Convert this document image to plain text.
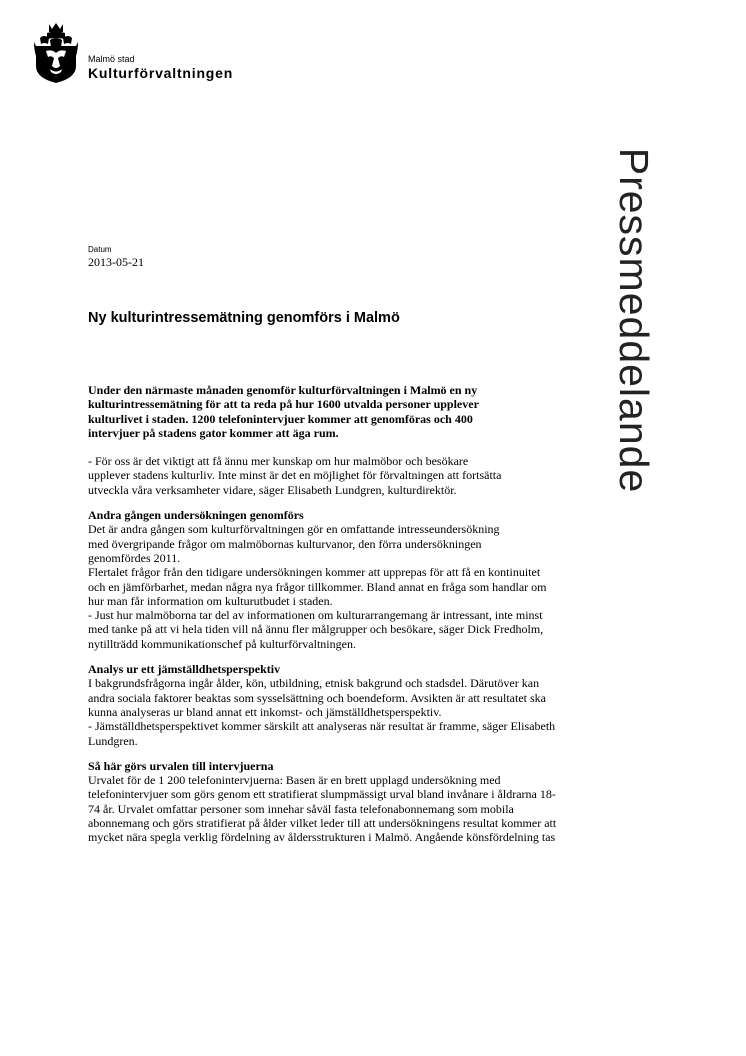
Malmö stad
Kulturförvaltningen
Pressmeddelande
Datum
2013-05-21
Ny kulturintressemätning genomförs i Malmö

Under den närmaste månaden genomför kulturförvaltningen i Malmö en ny
kulturintressemätning för att ta reda på hur 1600 utvalda personer upplever
kulturlivet i staden. 1200 telefonintervjuer kommer att genomföras och 400
intervjuer på stadens gator kommer att äga rum.

- För oss är det viktigt att få ännu mer kunskap om hur malmöbor och besökare
upplever stadens kulturliv. Inte minst är det en möjlighet för förvaltningen att fortsätta
utveckla våra verksamheter vidare, säger Elisabeth Lundgren, kulturdirektör.

Andra gången undersökningen genomförs

Det är andra gången som kulturförvaltningen gör en omfattande intresseundersökning
med övergripande frågor om malmöbornas kulturvanor, den förra undersökningen
genomfördes 2011.
Flertalet frågor från den tidigare undersökningen kommer att upprepas för att få en kontinuitet
och en jämförbarhet, medan några nya frågor tillkommer. Bland annat en fråga som handlar om
hur man får information om kulturutbudet i staden.
- Just hur malmöborna tar del av informationen om kulturarrangemang är intressant, inte minst
med tanke på att vi hela tiden vill nå ännu fler målgrupper och besökare, säger Dick Fredholm,
nytillträdd kommunikationschef på kulturförvaltningen.

Analys ur ett jämställdhetsperspektiv

I bakgrundsfrågorna ingår ålder, kön, utbildning, etnisk bakgrund och stadsdel. Därutöver kan
andra sociala faktorer beaktas som sysselsättning och boendeform. Avsikten är att resultatet ska
kunna analyseras ur bland annat ett inkomst- och jämställdhetsperspektiv.
- Jämställdhetsperspektivet kommer särskilt att analyseras när resultat är framme, säger Elisabeth
Lundgren.

Så här görs urvalen till intervjuerna

Urvalet för de 1 200 telefonintervjuerna: Basen är en brett upplagd undersökning med
telefonintervjuer som görs genom ett stratifierat slumpmässigt urval bland invånare i åldrarna 18-
74 år. Urvalet omfattar personer som innehar såväl fasta telefonabonnemang som mobila
abonnemang och görs stratifierat på ålder vilket leder till att undersökningens resultat kommer att
mycket nära spegla verklig fördelning av åldersstrukturen i Malmö. Angående könsfördelning tas
